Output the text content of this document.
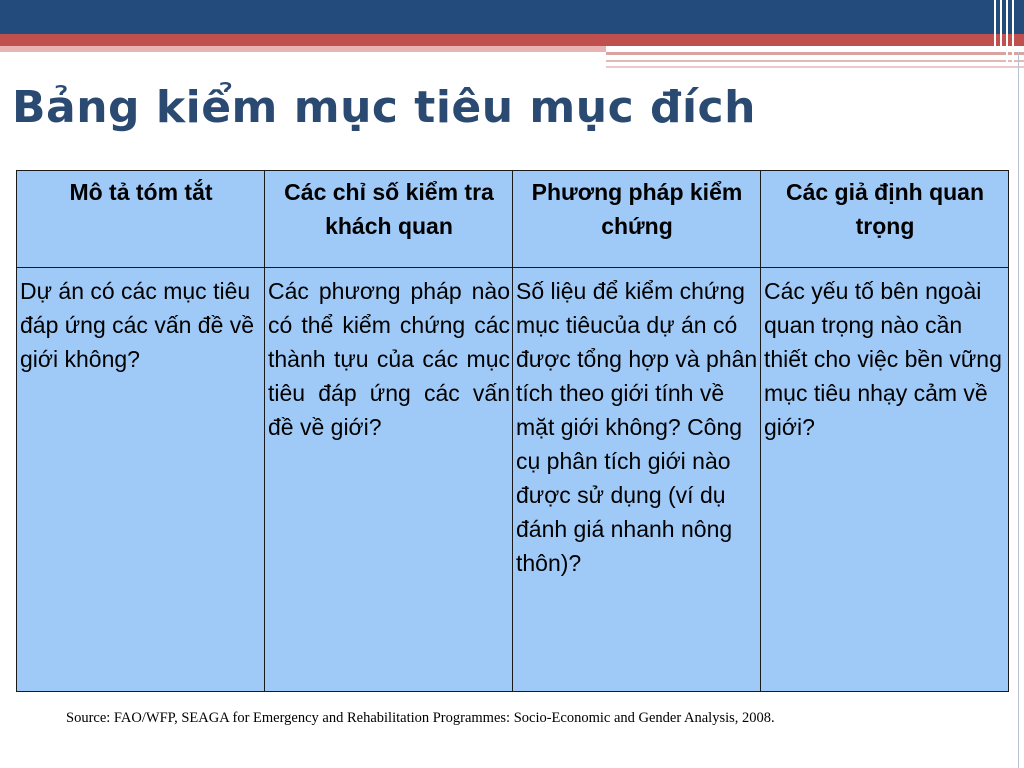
Bảng kiểm mục tiêu mục đích
Mô tả tóm tắt	Các chỉ số kiểm tra khách quan	Phương pháp kiểm chứng	Các giả định quan trọng
Dự án có các mục tiêu đáp ứng các vấn đề về giới không?	Các phương pháp nào có thể kiểm chứng các thành tựu của các mục tiêu đáp ứng các vấn đề về giới?	Số liệu để kiểm chứng mục tiêucủa dự án có được tổng hợp và phân tích theo giới tính về mặt giới không? Công cụ phân tích giới nào được sử dụng (ví dụ đánh giá nhanh nông thôn)?	Các yếu tố bên ngoài quan trọng nào cần thiết cho việc bền vững mục tiêu nhạy cảm về giới?
Source: FAO/WFP, SEAGA for Emergency and Rehabilitation Programmes: Socio-Economic and Gender Analysis, 2008.
